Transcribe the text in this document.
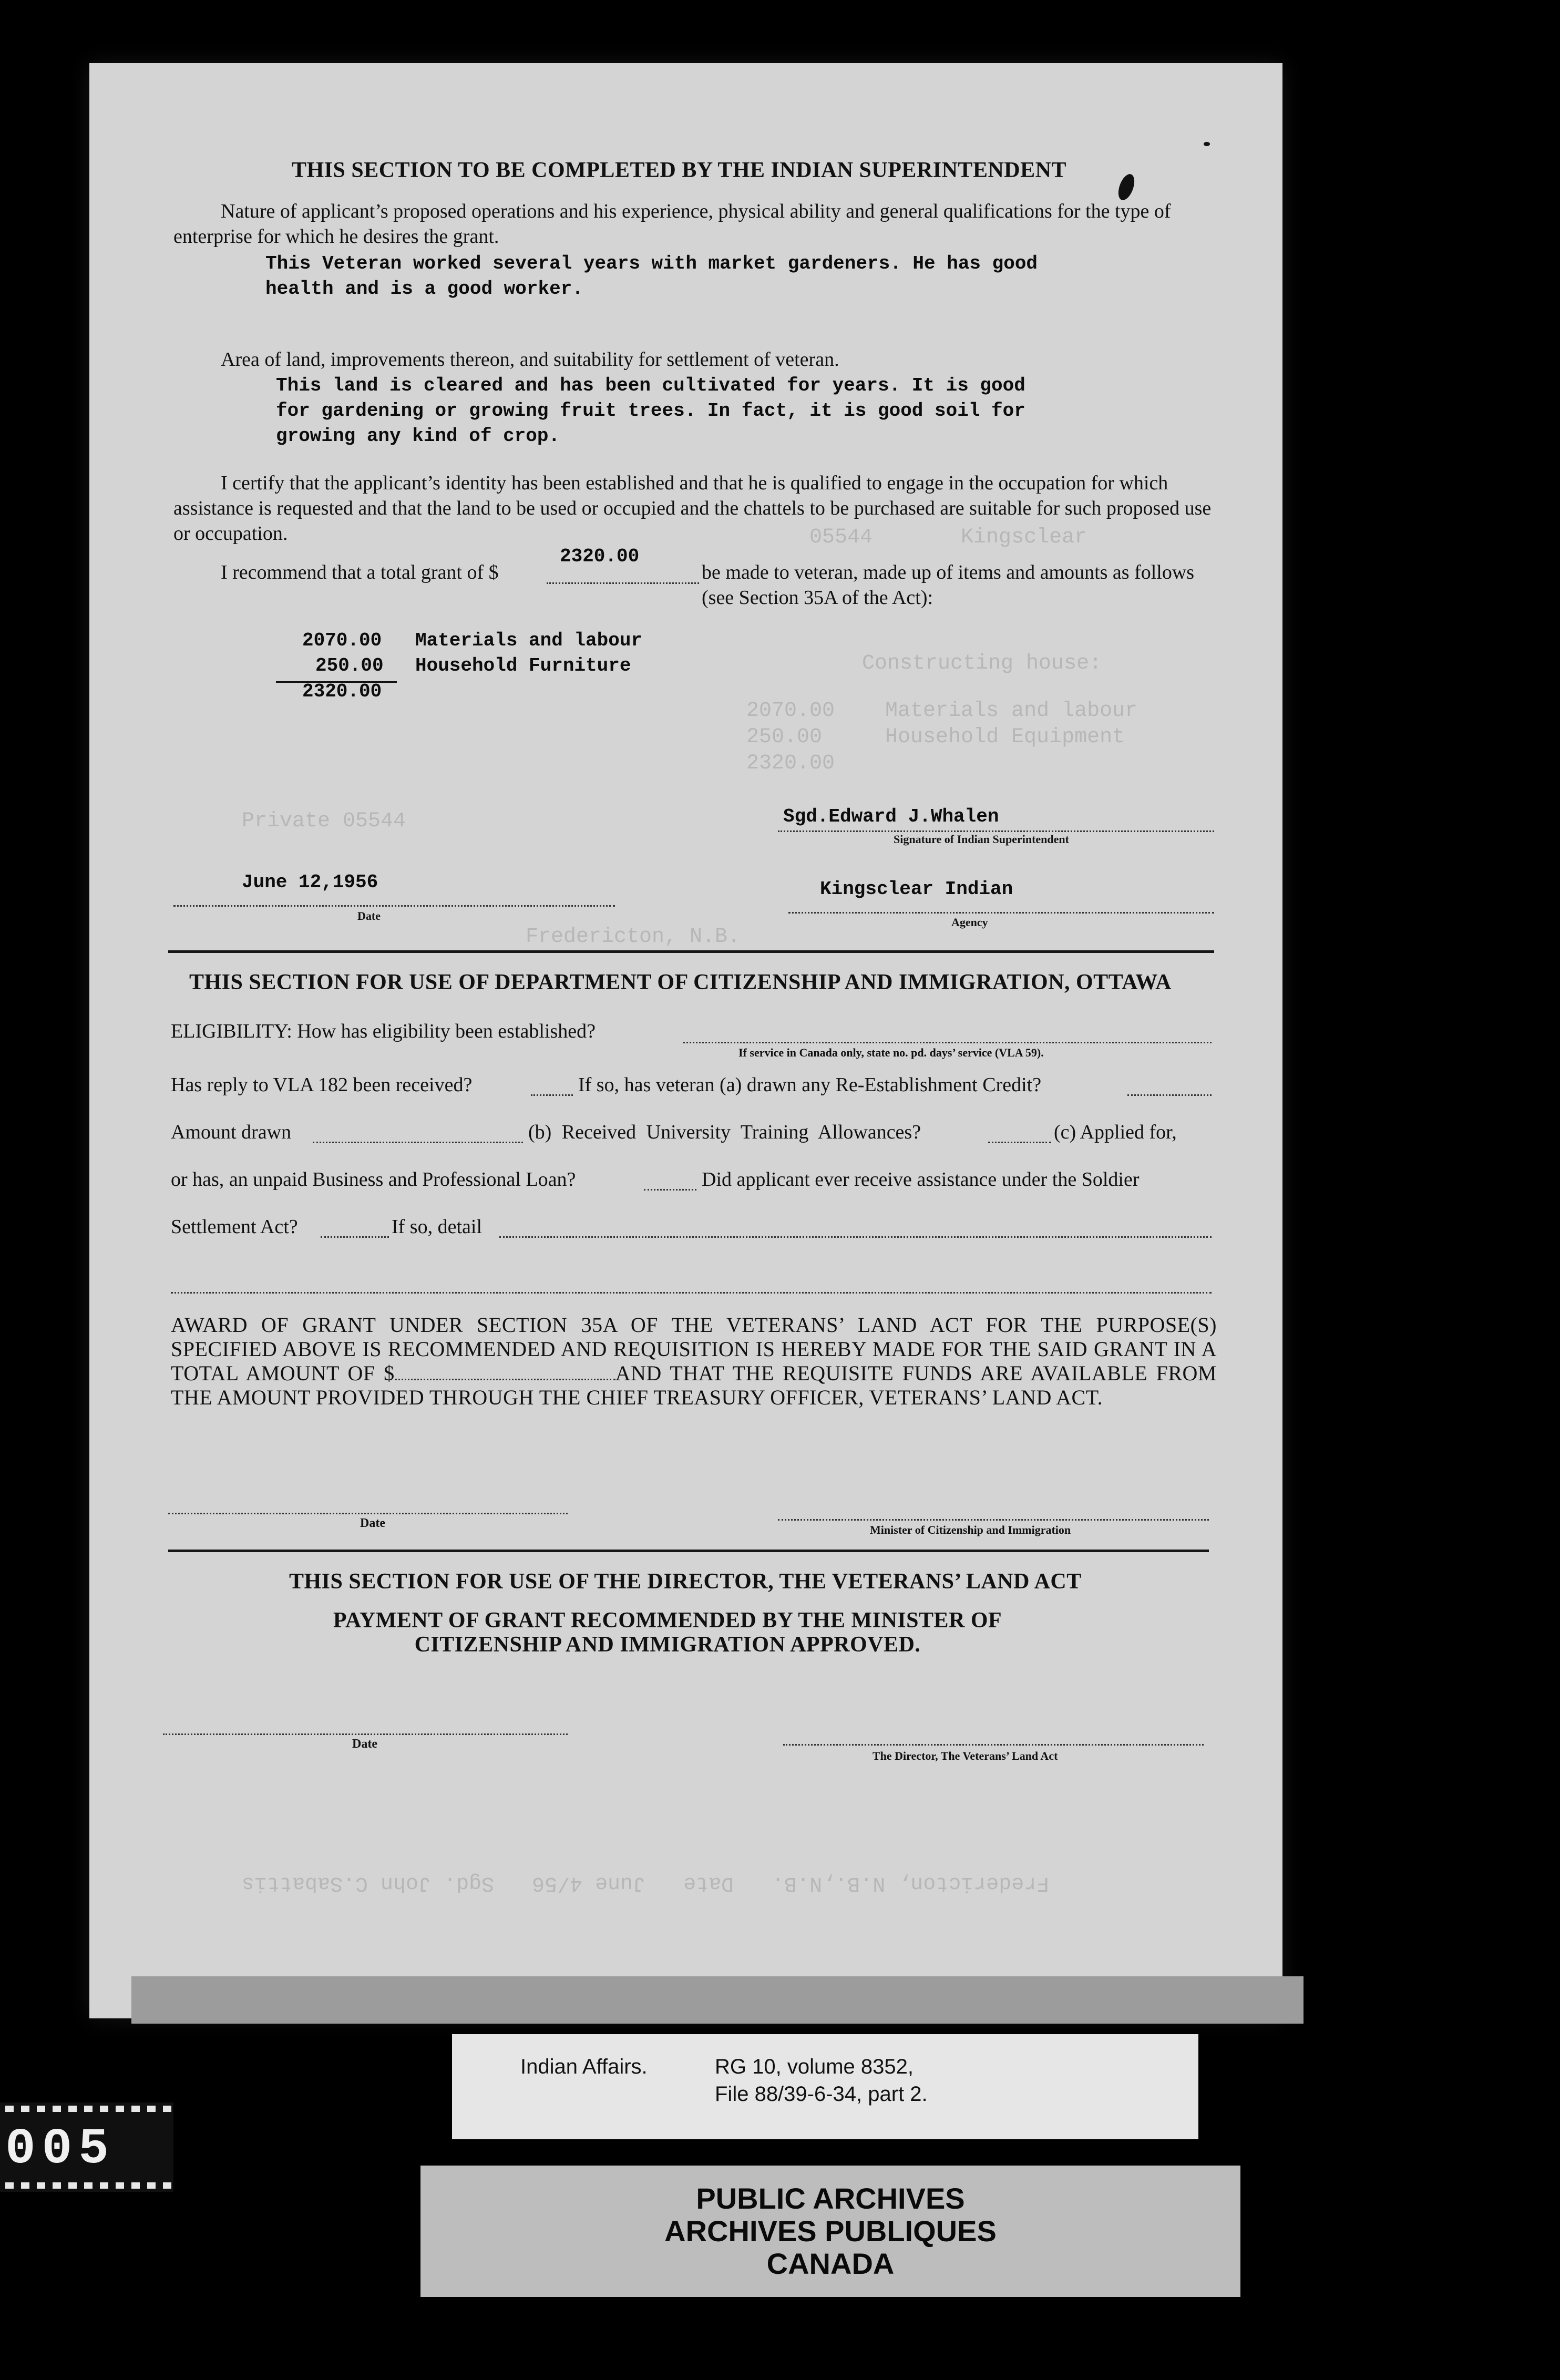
05544       Kingsclear
Constructing house:
2070.00    Materials and labour
250.00     Household Equipment
2320.00
Private 05544
Fredericton, N.B.
Fredericton, N.B.,N.B.   Date   June 4/56   Sgd. John C.Sabattis
THIS SECTION TO BE COMPLETED BY THE INDIAN SUPERINTENDENT
Nature of applicant’s proposed operations and his experience, physical ability and general qualifications for the type of enterprise for which he desires the grant.
This Veteran worked several years with market gardeners. He has good
health and is a good worker.
Area of land, improvements thereon, and suitability for settlement of veteran.
This land is cleared and has been cultivated for years. It is good
for gardening or growing fruit trees. In fact, it is good soil for
growing any kind of crop.
I certify that the applicant’s identity has been established and that he is qualified to engage in the occupation for which assistance is requested and that the land to be used or occupied and the chattels to be purchased are suitable for such proposed use or occupation.
I recommend that a total grant of $
2320.00
be made to veteran, made up of items and amounts as follows (see Section 35A of the Act):
2070.00 Materials and labour
250.00 Household Furniture
2320.00
Sgd.Edward J.Whalen
Signature of Indian Superintendent
June 12,1956
Date
Kingsclear Indian
Agency
THIS SECTION FOR USE OF DEPARTMENT OF CITIZENSHIP AND IMMIGRATION, OTTAWA
ELIGIBILITY: How has eligibility been established?
If service in Canada only, state no. pd. days’ service (VLA 59).
Has reply to VLA 182 been received?	If so, has veteran (a) drawn any Re-Establishment Credit?
Amount drawn	(b) Received University Training Allowances?	(c) Applied for,
or has, an unpaid Business and Professional Loan?	Did applicant ever receive assistance under the Soldier
Settlement Act?	If so, detail
AWARD OF GRANT UNDER SECTION 35A OF THE VETERANS’ LAND ACT FOR THE PURPOSE(S) SPECIFIED ABOVE IS RECOMMENDED AND REQUISITION IS HEREBY MADE FOR THE SAID GRANT IN A TOTAL AMOUNT OF $	AND THAT THE REQUISITE FUNDS ARE AVAILABLE FROM THE AMOUNT PROVIDED THROUGH THE CHIEF TREASURY OFFICER, VETERANS’ LAND ACT.
Date	Minister of Citizenship and Immigration
THIS SECTION FOR USE OF THE DIRECTOR, THE VETERANS’ LAND ACT
PAYMENT OF GRANT RECOMMENDED BY THE MINISTER OF
CITIZENSHIP AND IMMIGRATION APPROVED.
Date
The Director, The Veterans’ Land Act
Indian Affairs.	RG 10, volume 8352,
File 88/39-6-34, part 2.
PUBLIC ARCHIVES
ARCHIVES PUBLIQUES
CANADA
005
